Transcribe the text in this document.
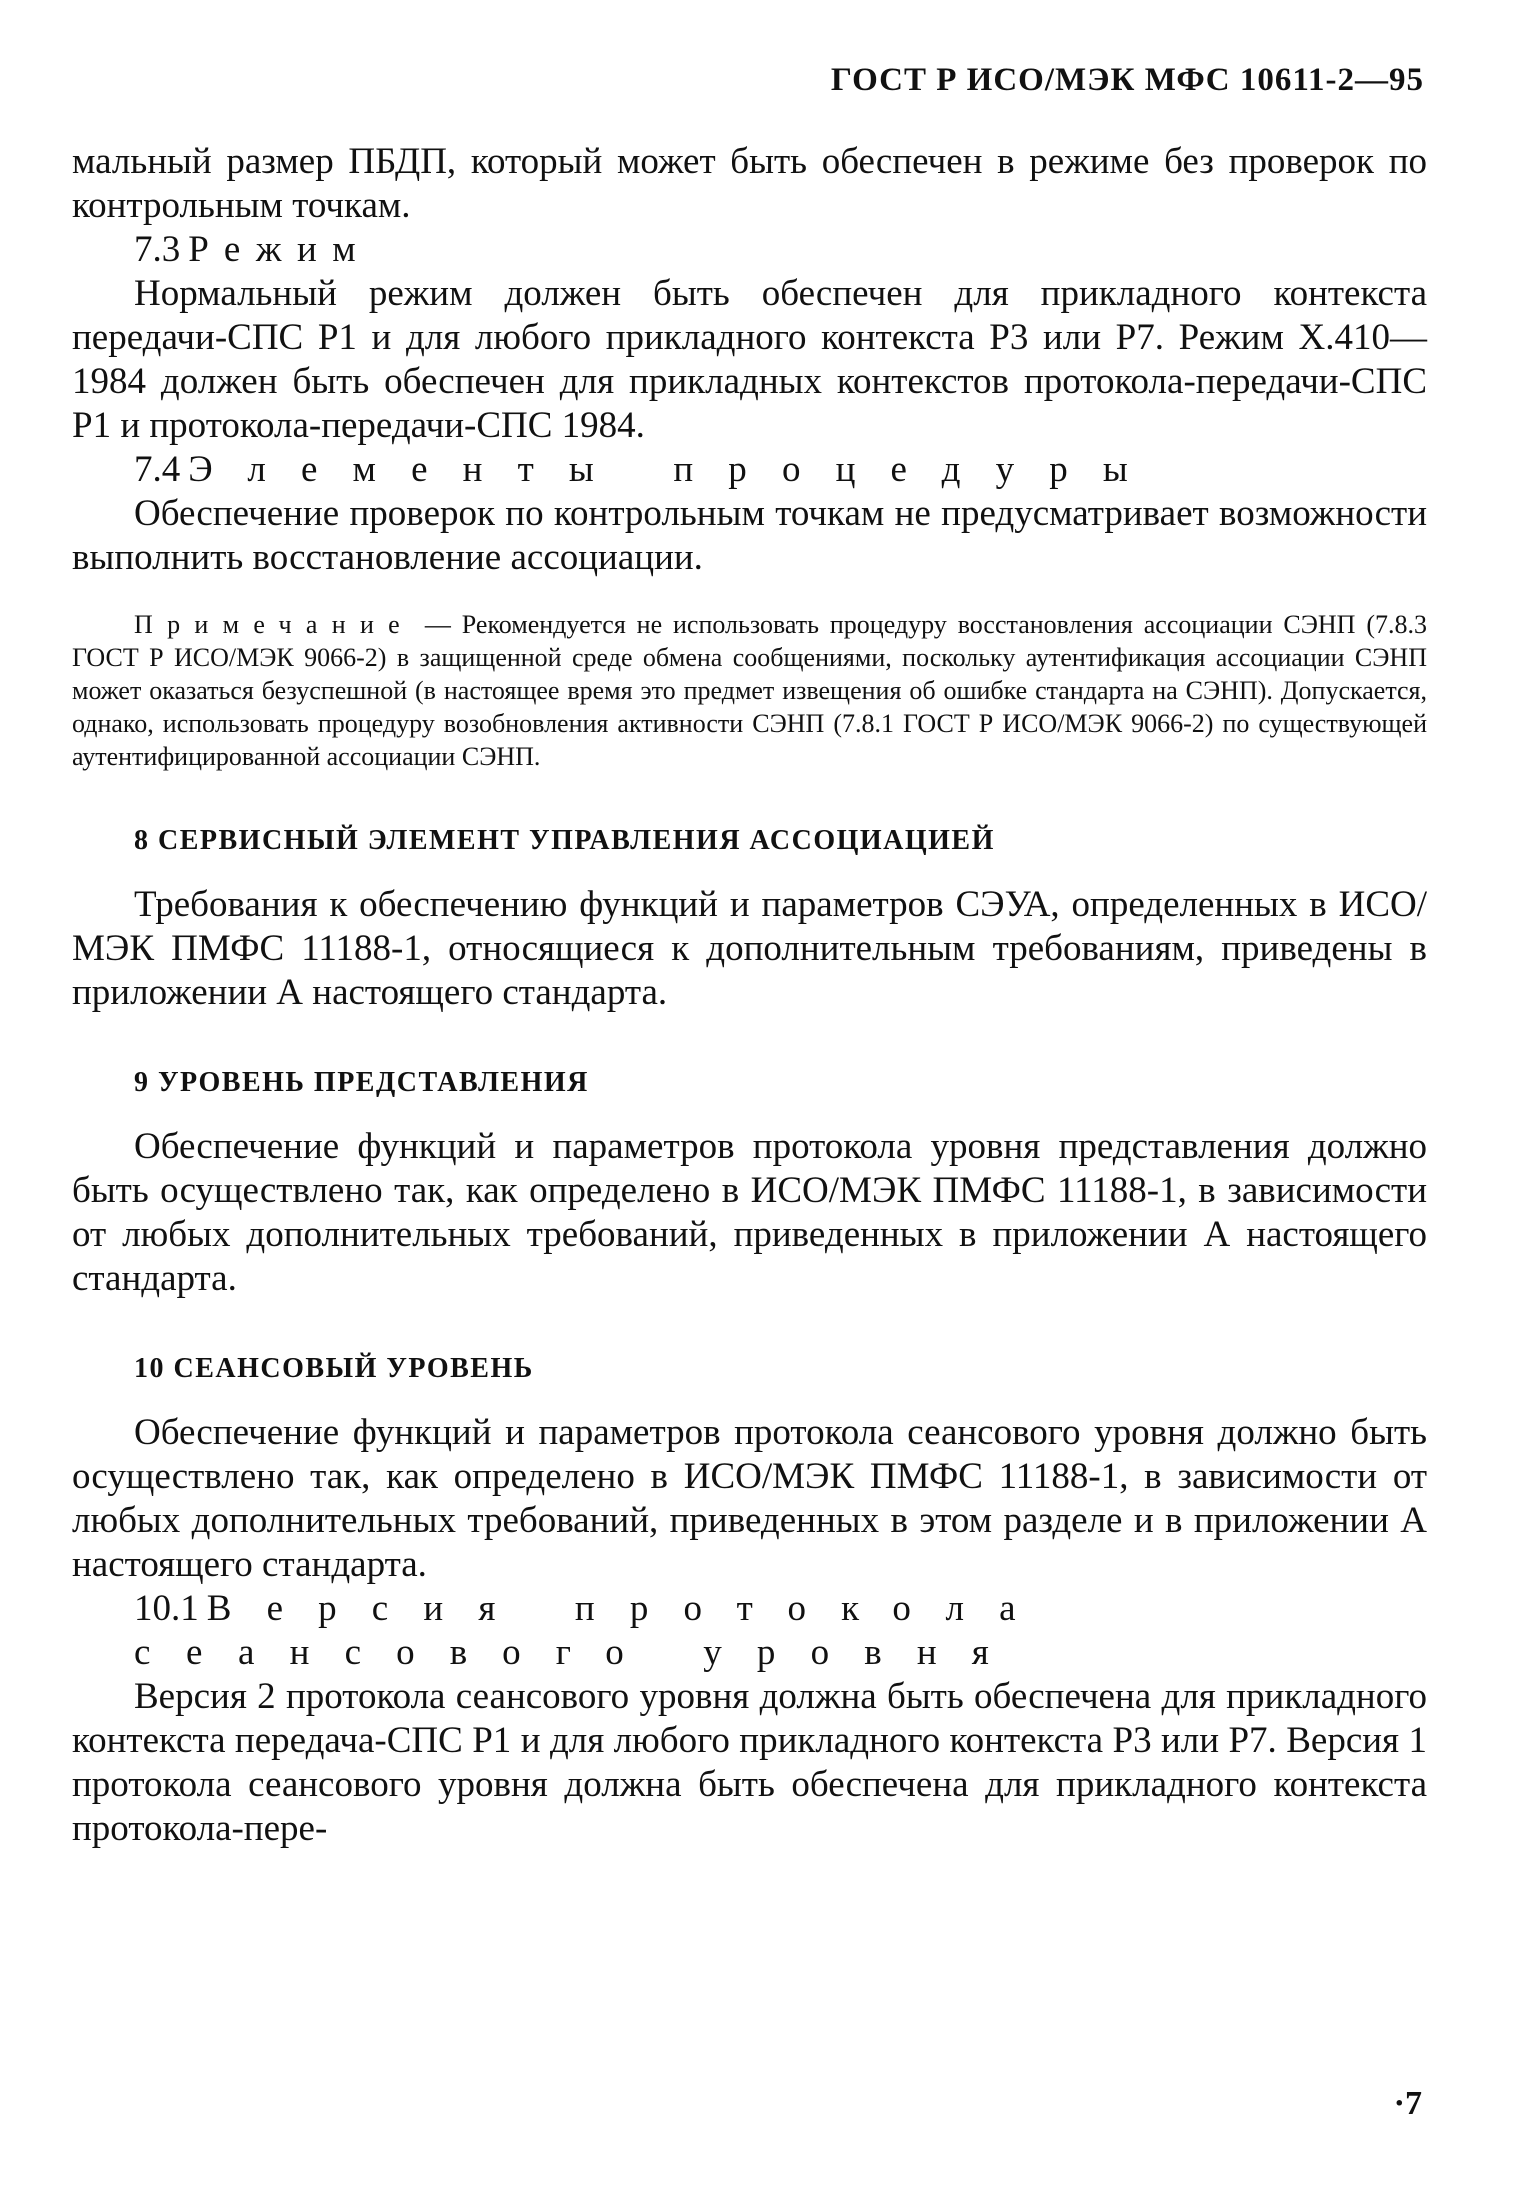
ГОСТ Р ИСО/МЭК МФС 10611-2—95

мальный размер ПБДП, который может быть обеспечен в режиме без проверок по контрольным точкам.

7.3 Режим

Нормальный режим должен быть обеспечен для прикладного контекста передачи-СПС Р1 и для любого прикладного контекста Р3 или Р7. Режим Х.410—1984 должен быть обеспечен для прикладных контекстов протокола-передачи-СПС Р1 и протокола-передачи-СПС 1984.

7.4 Элементы процедуры

Обеспечение проверок по контрольным точкам не предусматривает возможности выполнить восстановление ассоциации.

Примечание — Рекомендуется не использовать процедуру восстановления ассоциации СЭНП (7.8.3 ГОСТ Р ИСО/МЭК 9066-2) в защищенной среде обмена сообщениями, поскольку аутентификация ассоциации СЭНП может оказаться безуспешной (в настоящее время это предмет извещения об ошибке стандарта на СЭНП). Допускается, однако, использовать процедуру возобновления активности СЭНП (7.8.1 ГОСТ Р ИСО/МЭК 9066-2) по существующей аутентифицированной ассоциации СЭНП.

8 СЕРВИСНЫЙ ЭЛЕМЕНТ УПРАВЛЕНИЯ АССОЦИАЦИЕЙ

Требования к обеспечению функций и параметров СЭУА, определенных в ИСО/МЭК ПМФС 11188-1, относящиеся к дополнительным требованиям, приведены в приложении А настоящего стандарта.

9 УРОВЕНЬ ПРЕДСТАВЛЕНИЯ

Обеспечение функций и параметров протокола уровня представления должно быть осуществлено так, как определено в ИСО/МЭК ПМФС 11188-1, в зависимости от любых дополнительных требований, приведенных в приложении А настоящего стандарта.

10 СЕАНСОВЫЙ УРОВЕНЬ

Обеспечение функций и параметров протокола сеансового уровня должно быть осуществлено так, как определено в ИСО/МЭК ПМФС 11188-1, в зависимости от любых дополнительных требований, приведенных в этом разделе и в приложении А настоящего стандарта.

10.1 Версия протокола сеансового уровня

Версия 2 протокола сеансового уровня должна быть обеспечена для прикладного контекста передача-СПС Р1 и для любого прикладного контекста Р3 или Р7. Версия 1 протокола сеансового уровня должна быть обеспечена для прикладного контекста протокола-пере-

·7
